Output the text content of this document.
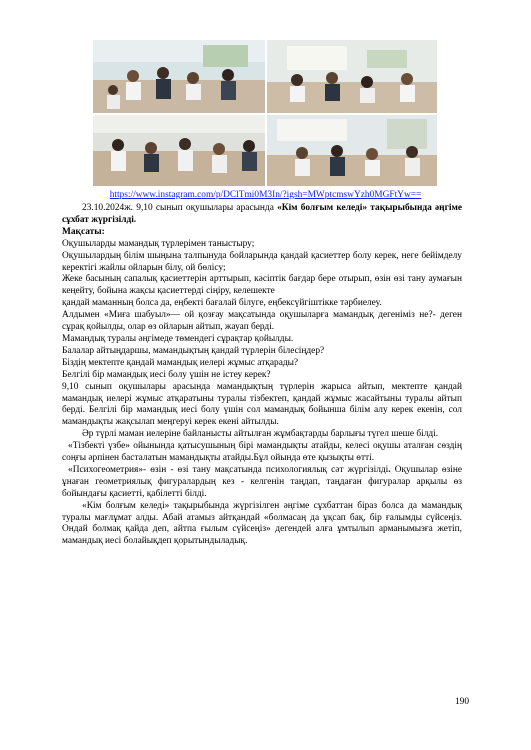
https://www.instagram.com/p/DClTmi0M3In/?igsh=MWptcmswYzh0MGFtYw==

23.10.2024ж. 9,10 сынып оқушылары арасында «Кім болғым келеді» тақырыбында әңгіме сұхбат жүргізілді.

Мақсаты:

Оқушыларды мамандық түрлерімен таныстыру;

Оқушылардың білім шыңына талпынуда бойларында қандай қасиеттер болу керек, неге бейімделу керектігі жайлы ойларын білу, ой бөлісу;

Жеке басының сапалық қасиеттерін арттырып, кәсіптік бағдар бере отырып, өзін өзі тану аумағын кеңейту, бойына жақсы қасиеттерді сіңіру, келешекте

қандай маманның болса да, еңбекті бағалай білуге, еңбексүйгіштікке тәрбиелеу.

Алдымен «Миға шабуыл»— ой қозғау мақсатында оқушыларға мамандық дегеніміз не?- деген сұрақ қойылды, олар өз ойларын айтып, жауап берді.

Мамандық туралы әңгімеде төмендегі сұрақтар қойылды.

Балалар айтыңдаршы, мамандықтың қандай түрлерін білесіңдер?

Біздің мектепте қандай мамандық иелері жұмыс атқарады?

Белгілі бір мамандық иесі болу үшін не істеу керек?

9,10 сынып оқушылары арасында мамандықтың түрлерін жарыса айтып, мектепте қандай мамандық иелері жұмыс атқаратыны туралы тізбектеп, қандай жұмыс жасайтыны туралы айтып берді. Белгілі бір мамандық иесі болу үшін сол мамандық бойынша білім алу керек екенін, сол мамандықты жақсылап меңгеруі керек екені айтылды.

Әр түрлі маман иелеріне байланысты айтылған жұмбақтарды барлығы түгел шеше білді.

«Тізбекті үзбе» ойынында қатысушының бірі мамандықты атайды, келесі оқушы аталған сөздің соңғы әрпінен басталатын мамандықты атайды.Бұл ойында өте қызықты өтті.

«Психогеометрия»- өзін - өзі тану мақсатында психологиялық сәт жүргізілді. Оқушылар өзіне ұнаған геометриялық фигуралардың кез - келгенін таңдап, таңдаған фигуралар арқылы өз бойындағы қасиетті, қабілетті білді.

«Кім болғым келеді» тақырыбында жүргізілген әңгіме сұхбаттан біраз болса да мамандық туралы мағлұмат алды. Абай атамыз айтқандай «болмасаң да ұқсап бақ, бір ғалымды сүйсеңіз. Ондай болмақ қайда деп, айтпа ғылым сүйсеңіз» дегендей алға ұмтылып арманымызға жетіп, мамандық иесі болайықдеп қорытындыладық.

190
